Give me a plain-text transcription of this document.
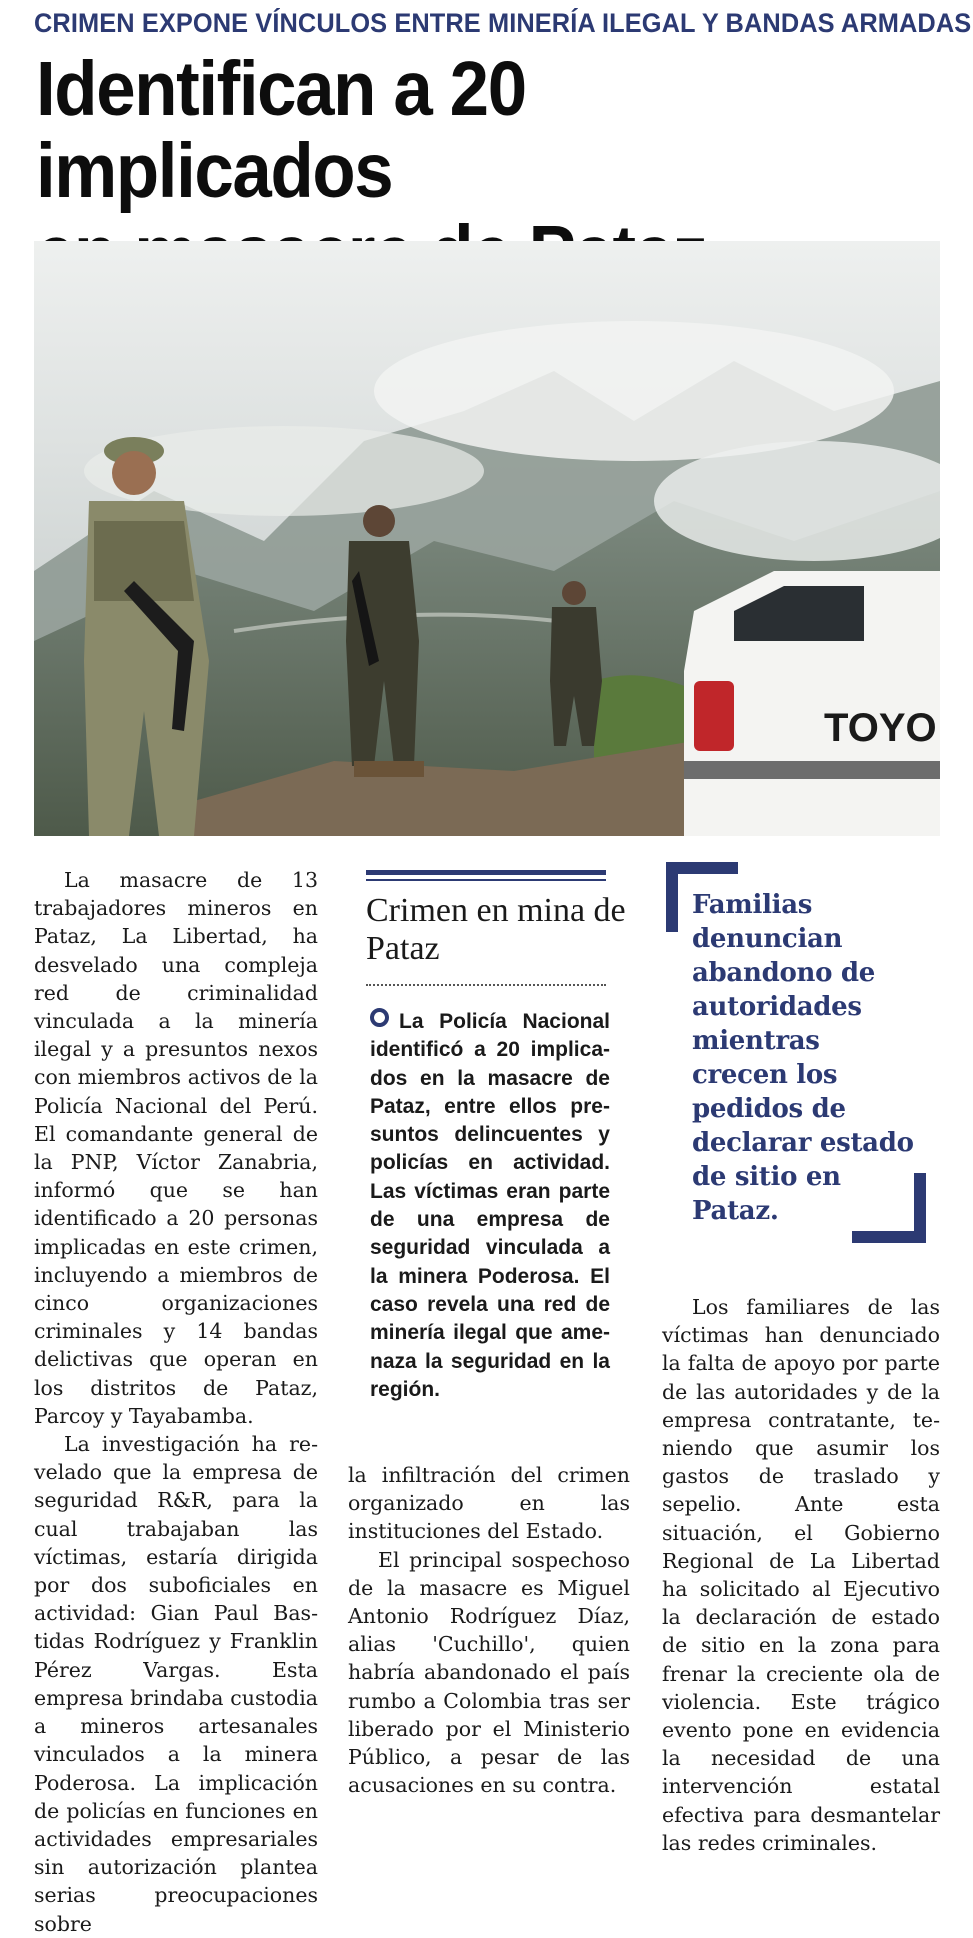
CRIMEN EXPONE VÍNCULOS ENTRE MINERÍA ILEGAL Y BANDAS ARMADAS
Identifican a 20 implicados

TOYO

La masacre de 13 trabajadores mineros en Pataz, La Libertad, ha desvelado una compleja red de criminalidad vinculada a la minería ilegal y a presuntos nexos con miembros activos de la Policía Nacional del Perú. El comandante general de la PNP, Víctor Zanabria, informó que se han identificado a 20 personas implicadas en este crimen, incluyendo a miembros de cinco organizaciones criminales y 14 bandas delictivas que operan en los distritos de Pataz, Parcoy y Tayabamba.

La investigación ha revelado que la empresa de seguridad R&R, para la cual trabajaban las víctimas, estaría dirigida por dos suboficiales en actividad: Gian Paul Bastidas Rodríguez y Franklin Pérez Vargas. Esta empresa brindaba custodia a mineros artesanales vinculados a la minera Poderosa. La implicación de policías en funciones en actividades empresariales sin autorización plantea serias preocupaciones sobre

Crimen en mina de Pataz
La Policía Nacional identificó a 20 implicados en la masacre de Pataz, entre ellos presuntos delincuentes y policías en actividad. Las víctimas eran parte de una empresa de seguridad vinculada a la minera Poderosa. El caso revela una red de minería ilegal que amenaza la seguridad en la región.

la infiltración del crimen organizado en las instituciones del Estado.

El principal sospechoso de la masacre es Miguel Antonio Rodríguez Díaz, alias 'Cuchillo', quien habría abandonado el país rumbo a Colombia tras ser liberado por el Ministerio Público, a pesar de las acusaciones en su contra.

Familias denuncian abandono de autoridades mientras crecen los pedidos de declarar estado de sitio en Pataz.

Los familiares de las víctimas han denunciado la falta de apoyo por parte de las autoridades y de la empresa contratante, teniendo que asumir los gastos de traslado y sepelio. Ante esta situación, el Gobierno Regional de La Libertad ha solicitado al Ejecutivo la declaración de estado de sitio en la zona para frenar la creciente ola de violencia. Este trágico evento pone en evidencia la necesidad de una intervención estatal efectiva para desmantelar las redes criminales.
